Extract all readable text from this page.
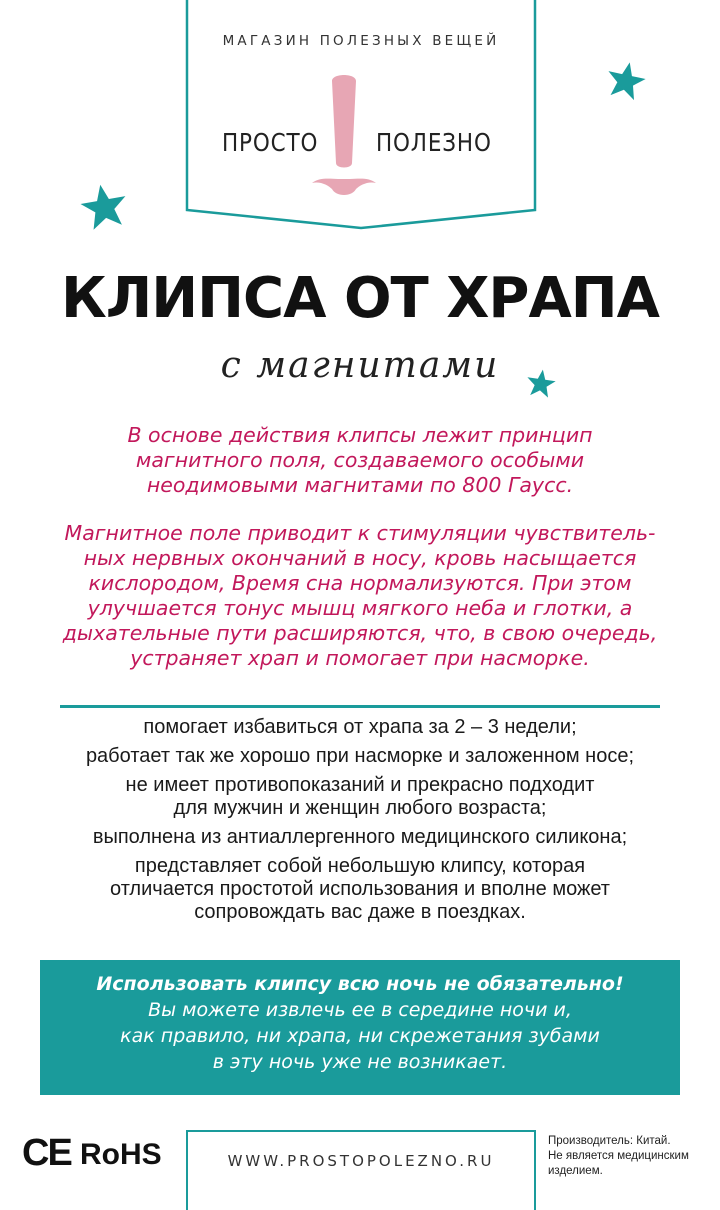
МАГАЗИН ПОЛЕЗНЫХ ВЕЩЕЙ
ПРОСТО ПОЛЕЗНО
КЛИПСА ОТ ХРАПА
с магнитами
В основе действия клипсы лежит принцип
магнитного поля, создаваемого особыми
неодимовыми магнитами по 800 Гаусс.
Магнитное поле приводит к стимуляции чувствитель-
ных нервных окончаний в носу, кровь насыщается
кислородом, Время сна нормализуются. При этом
улучшается тонус мышц мягкого неба и глотки, а
дыхательные пути расширяются, что, в свою очередь,
устраняет храп и помогает при насморке.
помогает избавиться от храпа за 2 – 3 недели;
работает так же хорошо при насморке и заложенном носе;
не имеет противопоказаний и прекрасно подходит
для мужчин и женщин любого возраста;
выполнена из антиаллергенного медицинского силикона;
представляет собой небольшую клипсу, которая
отличается простотой использования и вполне может
сопровождать вас даже в поездках.
Использовать клипсу всю ночь не обязательно!
Вы можете извлечь ее в середине ночи и,
как правило, ни храпа, ни скрежетания зубами
в эту ночь уже не возникает.
CE RoHS	WWW.PROSTOPOLEZNO.RU
Производитель: Китай.
Не является медицинским
изделием.
